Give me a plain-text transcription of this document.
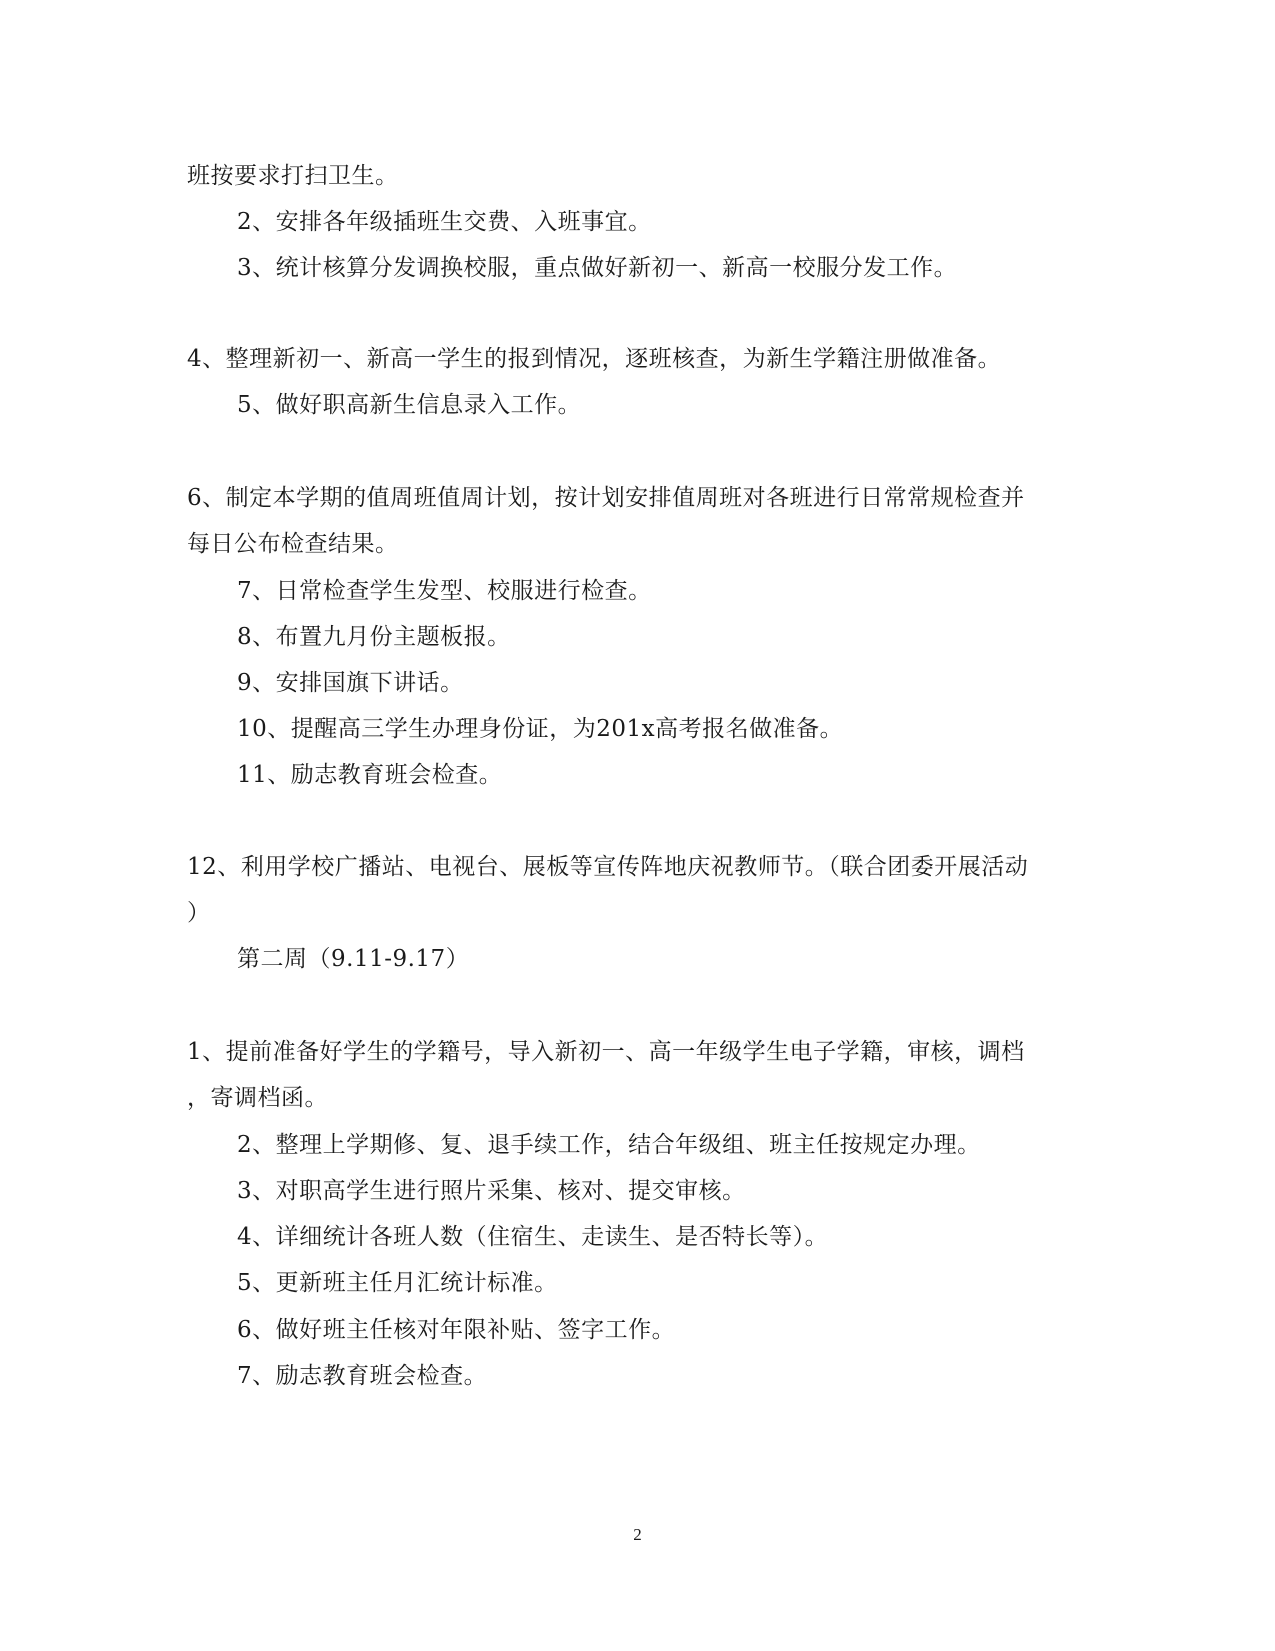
班按要求打扫卫生。
2、安排各年级插班生交费、入班事宜。
3、统计核算分发调换校服，重点做好新初一、新高一校服分发工作。
4、整理新初一、新高一学生的报到情况，逐班核查，为新生学籍注册做准备。
5、做好职高新生信息录入工作。
6、制定本学期的值周班值周计划，按计划安排值周班对各班进行日常常规检查并
每日公布检查结果。
7、日常检查学生发型、校服进行检查。
8、布置九月份主题板报。
9、安排国旗下讲话。
10、提醒高三学生办理身份证，为201x高考报名做准备。
11、励志教育班会检查。
12、利用学校广播站、电视台、展板等宣传阵地庆祝教师节。（联合团委开展活动
）
第二周（9.11-9.17）
1、提前准备好学生的学籍号，导入新初一、高一年级学生电子学籍，审核，调档
，寄调档函。
2、整理上学期修、复、退手续工作，结合年级组、班主任按规定办理。
3、对职高学生进行照片采集、核对、提交审核。
4、详细统计各班人数（住宿生、走读生、是否特长等）。
5、更新班主任月汇统计标准。
6、做好班主任核对年限补贴、签字工作。
7、励志教育班会检查。
2
